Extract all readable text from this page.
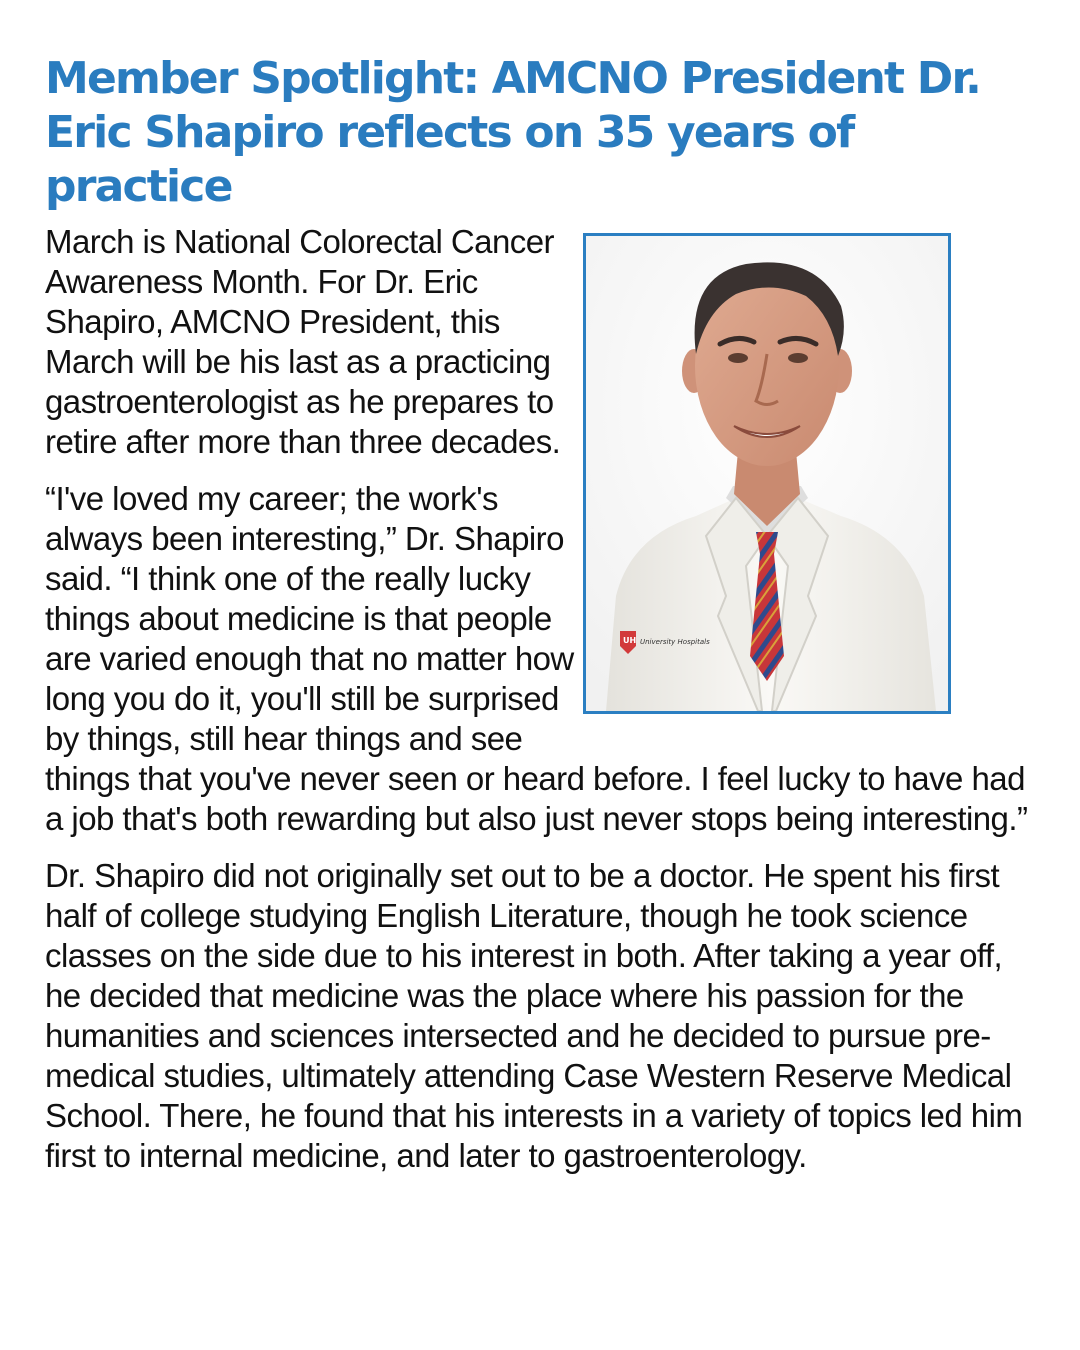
Member Spotlight: AMCNO President Dr. Eric Shapiro reflects on 35 years of practice
UH University Hospitals

March is National Colorectal Cancer Awareness Month. For Dr. Eric Shapiro, AMCNO President, this March will be his last as a practicing gastroenterologist as he prepares to retire after more than three decades.

“I've loved my career; the work's always been interesting,” Dr. Shapiro said. “I think one of the really lucky things about medicine is that people are varied enough that no matter how long you do it, you'll still be surprised by things, still hear things and see things that you've never seen or heard before. I feel lucky to have had a job that's both rewarding but also just never stops being interesting.”

Dr. Shapiro did not originally set out to be a doctor. He spent his first half of college studying English Literature, though he took science classes on the side due to his interest in both. After taking a year off, he decided that medicine was the place where his passion for the humanities and sciences intersected and he decided to pursue pre-medical studies, ultimately attending Case Western Reserve Medical School. There, he found that his interests in a variety of topics led him first to internal medicine, and later to gastroenterology.
